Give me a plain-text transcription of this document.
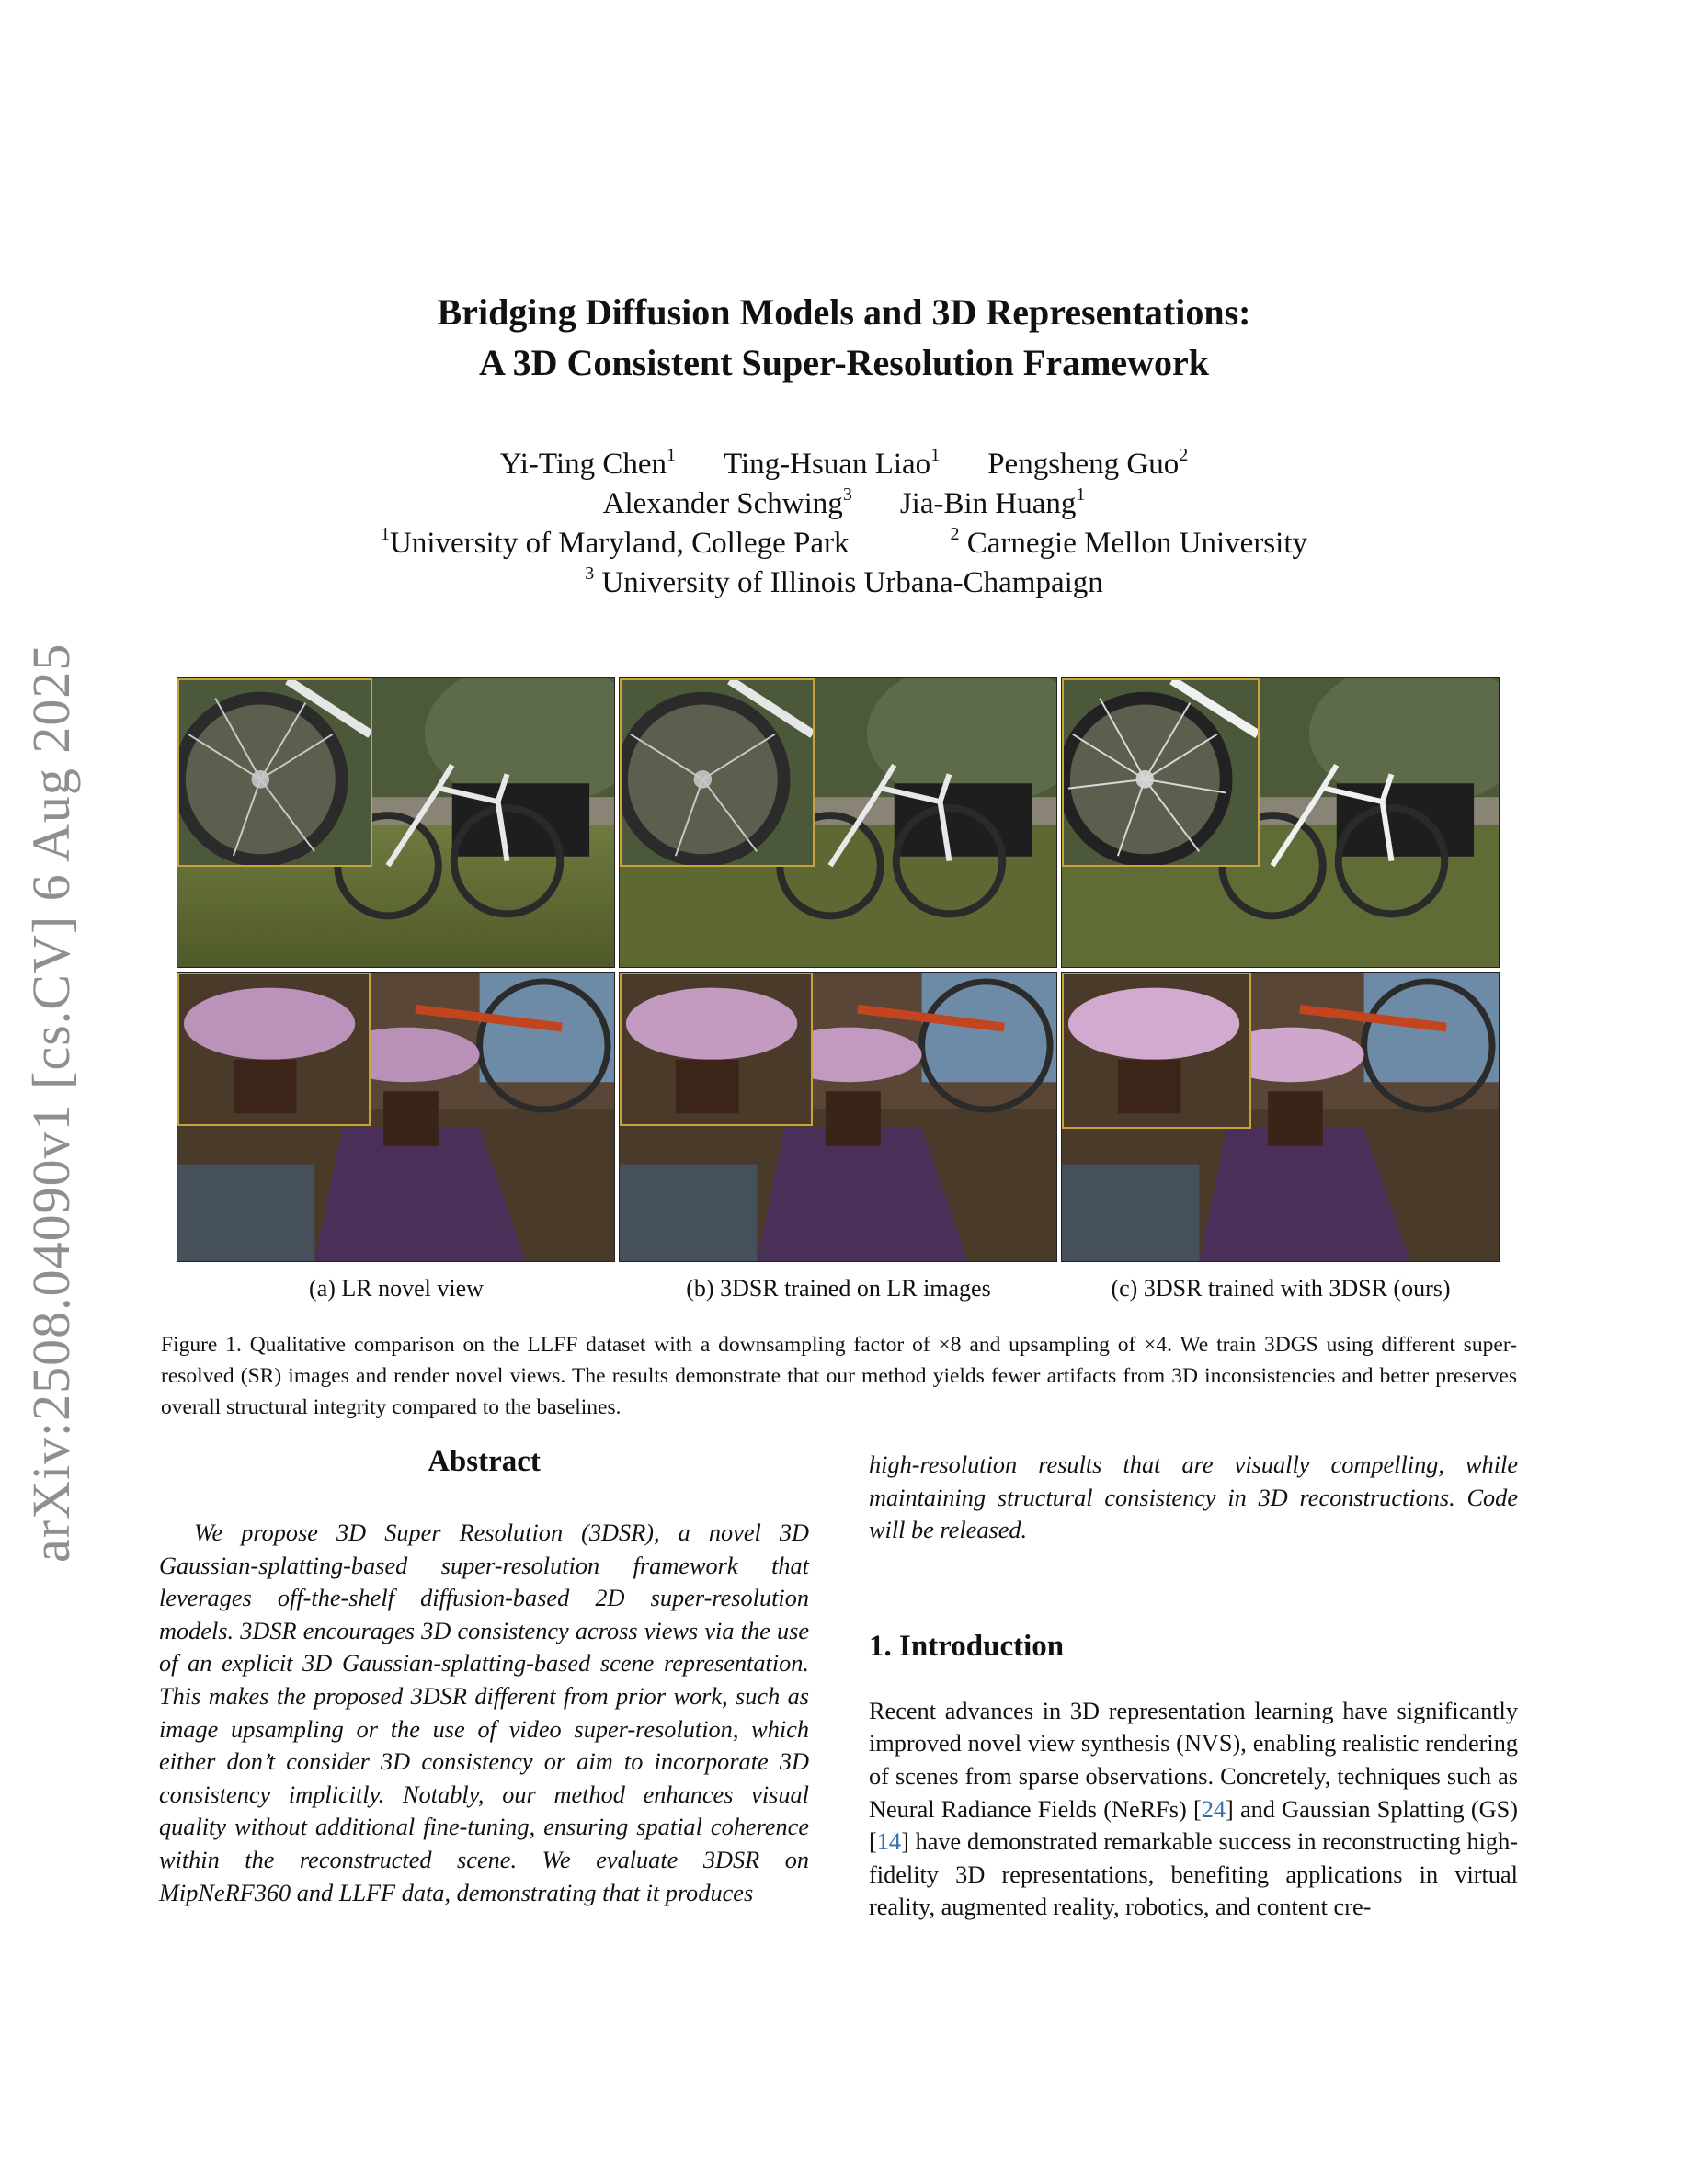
arXiv:2508.04090v1 [cs.CV] 6 Aug 2025
Bridging Diffusion Models and 3D Representations:
A 3D Consistent Super-Resolution Framework
Yi-Ting Chen$^1$ Ting-Hsuan Liao$^1$ Pengsheng Guo$^2$
Alexander Schwing$^3$ Jia-Bin Huang$^1$
$^1$University of Maryland, College Park	$^2$ Carnegie Mellon University
$^3$ University of Illinois Urbana-Champaign
(a) LR novel view	(b) 3DSR trained on LR images	(c) 3DSR trained with 3DSR (ours)
Figure 1. Qualitative comparison on the LLFF dataset with a downsampling factor of ×8 and upsampling of ×4. We train 3DGS using different super-resolved (SR) images and render novel views. The results demonstrate that our method yields fewer artifacts from 3D inconsistencies and better preserves overall structural integrity compared to the baselines.
Abstract

We propose 3D Super Resolution (3DSR), a novel 3D Gaussian-splatting-based super-resolution framework that leverages off-the-shelf diffusion-based 2D super-resolution models. 3DSR encourages 3D consistency across views via the use of an explicit 3D Gaussian-splatting-based scene representation. This makes the proposed 3DSR different from prior work, such as image upsampling or the use of video super-resolution, which either don’t consider 3D consistency or aim to incorporate 3D consistency implicitly. Notably, our method enhances visual quality without additional fine-tuning, ensuring spatial coherence within the reconstructed scene. We evaluate 3DSR on MipNeRF360 and LLFF data, demonstrating that it produces

high-resolution results that are visually compelling, while maintaining structural consistency in 3D reconstructions. Code will be released.

1. Introduction

Recent advances in 3D representation learning have significantly improved novel view synthesis (NVS), enabling realistic rendering of scenes from sparse observations. Concretely, techniques such as Neural Radiance Fields (NeRFs) [24] and Gaussian Splatting (GS) [14] have demonstrated remarkable success in reconstructing high-fidelity 3D representations, benefiting applications in virtual reality, augmented reality, robotics, and content cre-
